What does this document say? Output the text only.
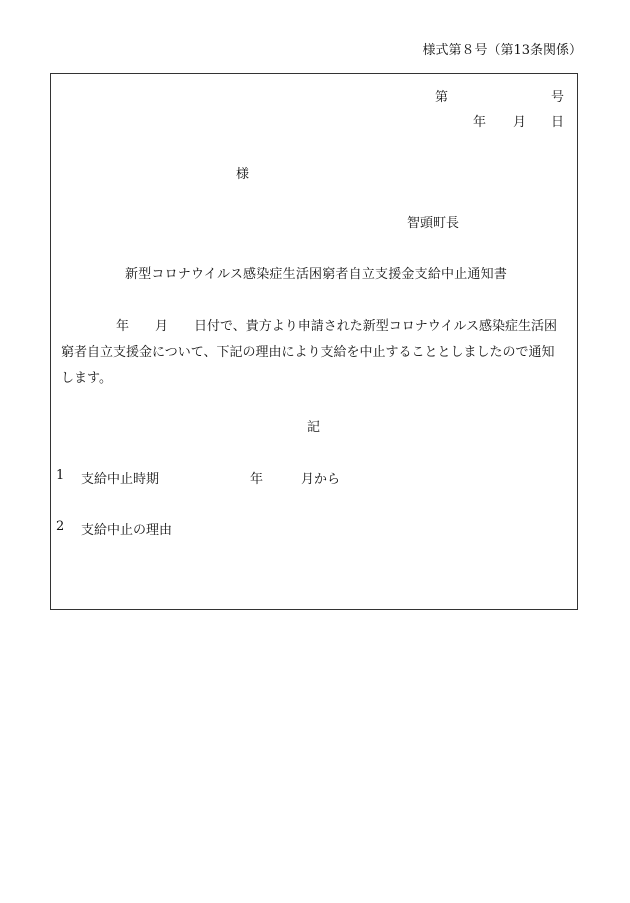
様式第８号（第13条関係）
第	号
年 月 日
様
智頭町長
新型コロナウイルス感染症生活困窮者自立支援金支給中止通知書
年 月 日付で、貴方より申請された新型コロナウイルス感染症生活困
窮者自立支援金について、下記の理由により支給を中止することとしましたので通知
します。
記
1 支給中止時期	年	月から
2 支給中止の理由
